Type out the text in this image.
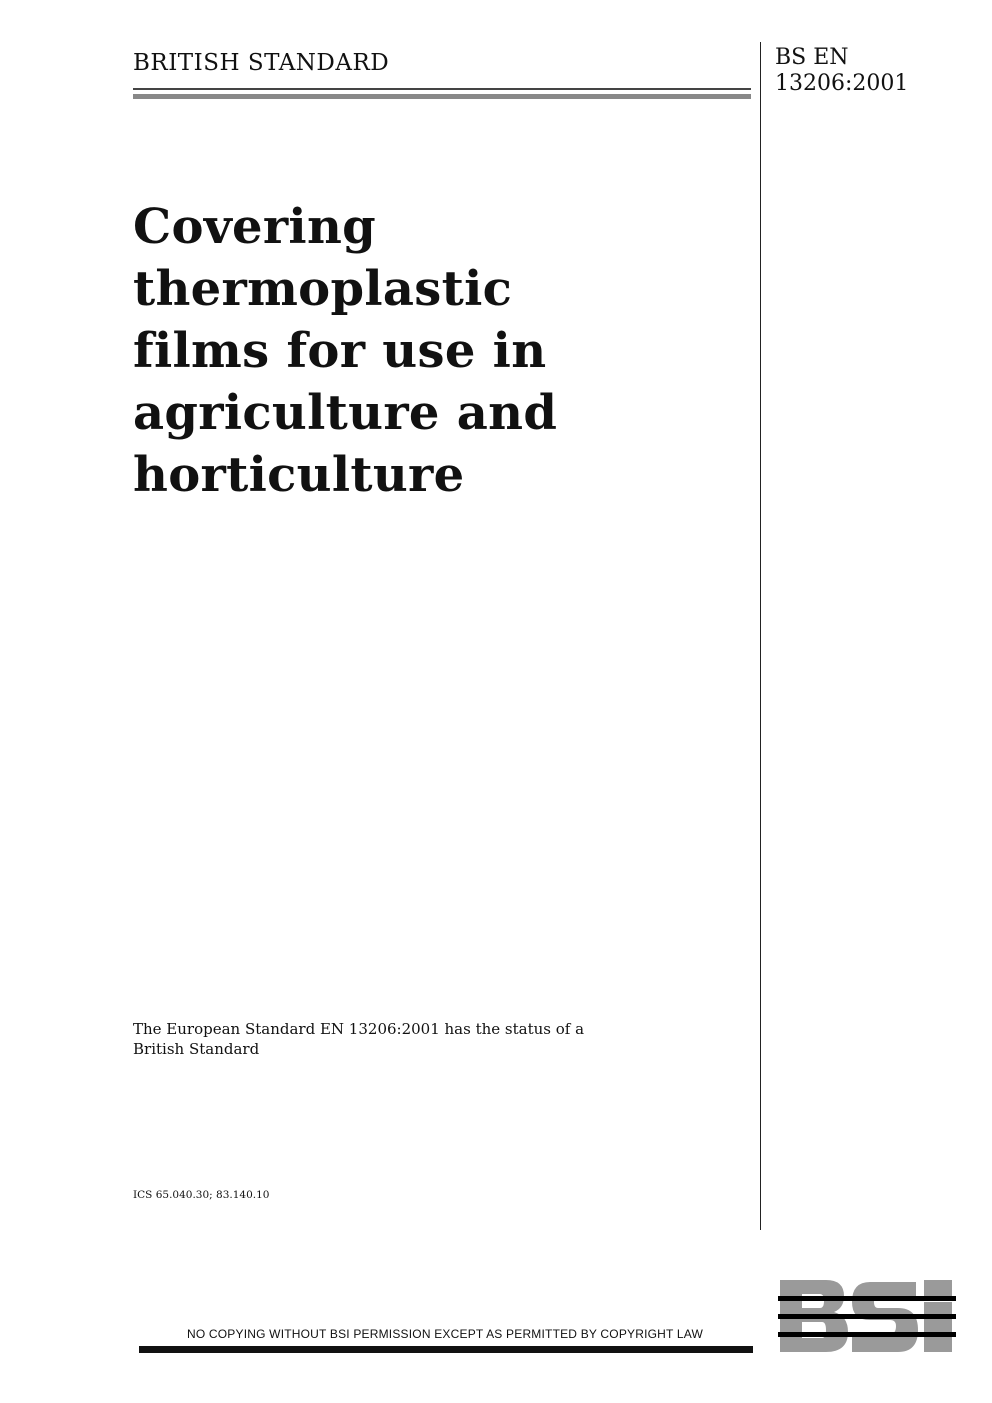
BRITISH STANDARD	BS EN
13206:2001
Covering thermoplastic
films for use in
agriculture and
horticulture
The European Standard EN 13206:2001 has the status of a
British Standard
ICS 65.040.30; 83.140.10
NO COPYING WITHOUT BSI PERMISSION EXCEPT AS PERMITTED BY COPYRIGHT LAW
